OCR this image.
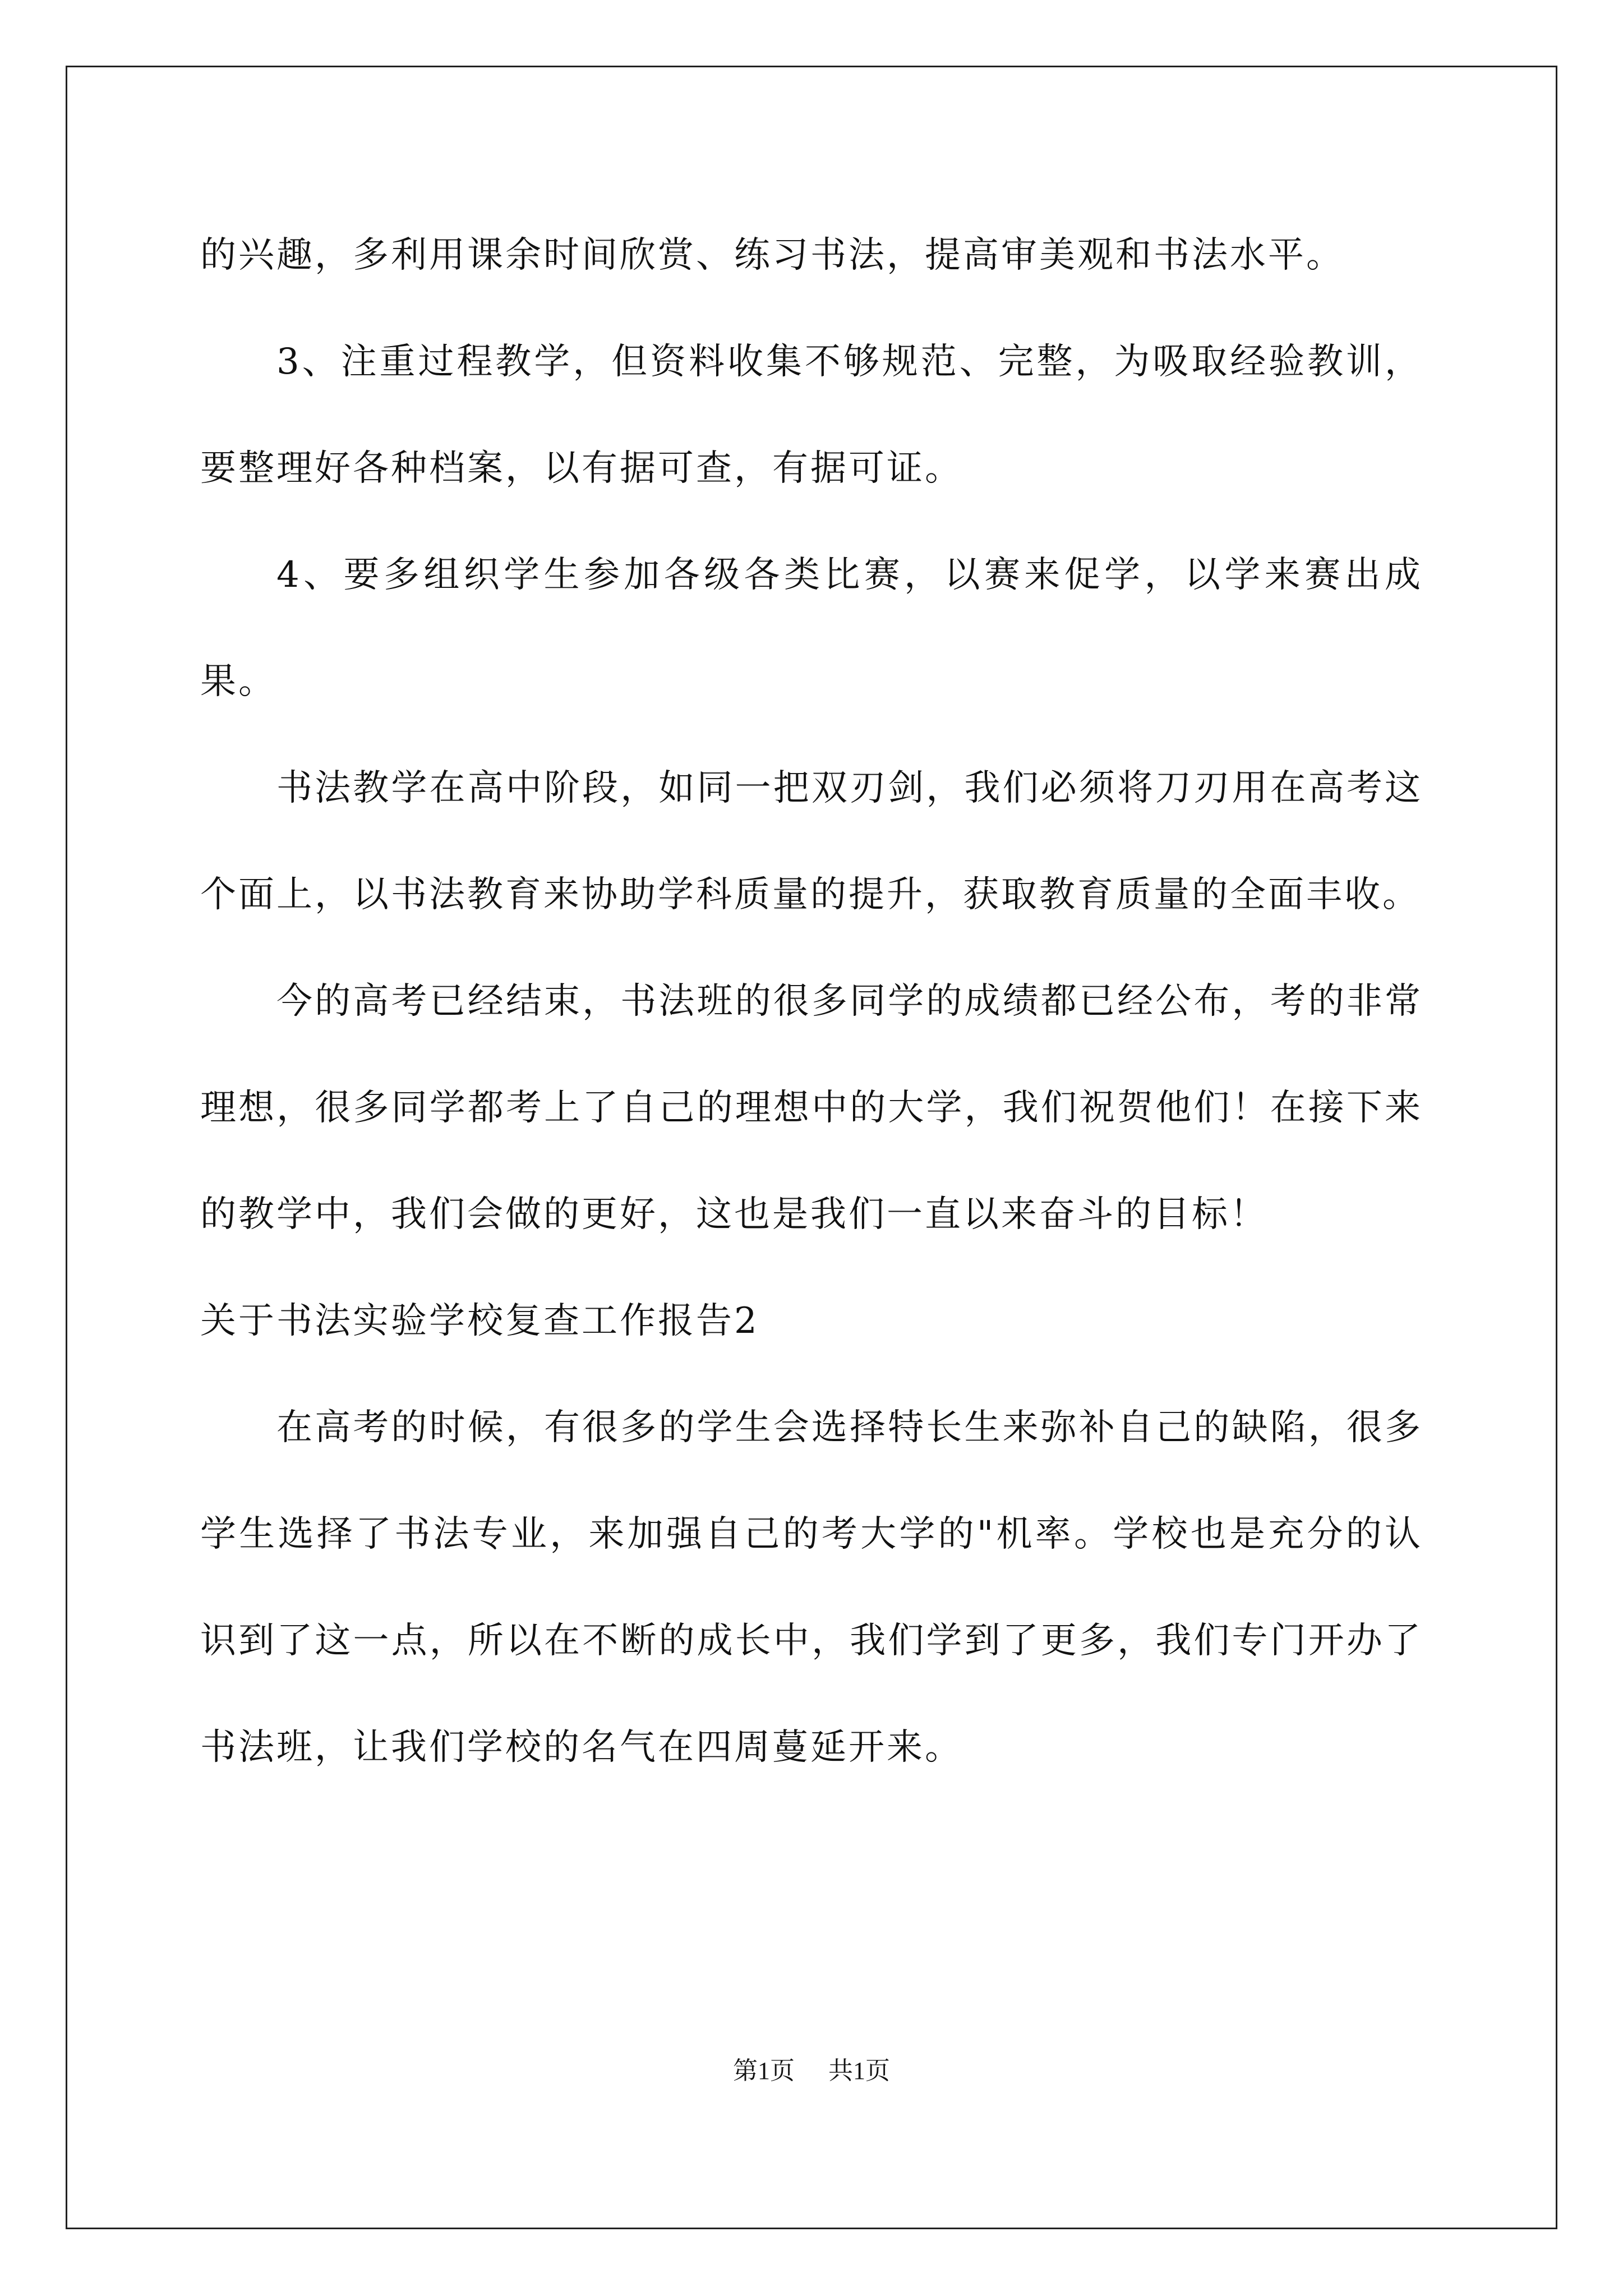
的兴趣，多利用课余时间欣赏、练习书法，提高审美观和书法水平。

3、注重过程教学，但资料收集不够规范、完整，为吸取经验教训，要整理好各种档案，以有据可查，有据可证。

4、要多组织学生参加各级各类比赛，以赛来促学，以学来赛出成果。

书法教学在高中阶段，如同一把双刃剑，我们必须将刀刃用在高考这个面上，以书法教育来协助学科质量的提升，获取教育质量的全面丰收。

今的高考已经结束，书法班的很多同学的成绩都已经公布，考的非常理想，很多同学都考上了自己的理想中的大学，我们祝贺他们！在接下来的教学中，我们会做的更好，这也是我们一直以来奋斗的目标！

关于书法实验学校复查工作报告2

在高考的时候，有很多的学生会选择特长生来弥补自己的缺陷，很多学生选择了书法专业，来加强自己的考大学的"机率。学校也是充分的认识到了这一点，所以在不断的成长中，我们学到了更多，我们专门开办了书法班，让我们学校的名气在四周蔓延开来。

第1页 共1页
